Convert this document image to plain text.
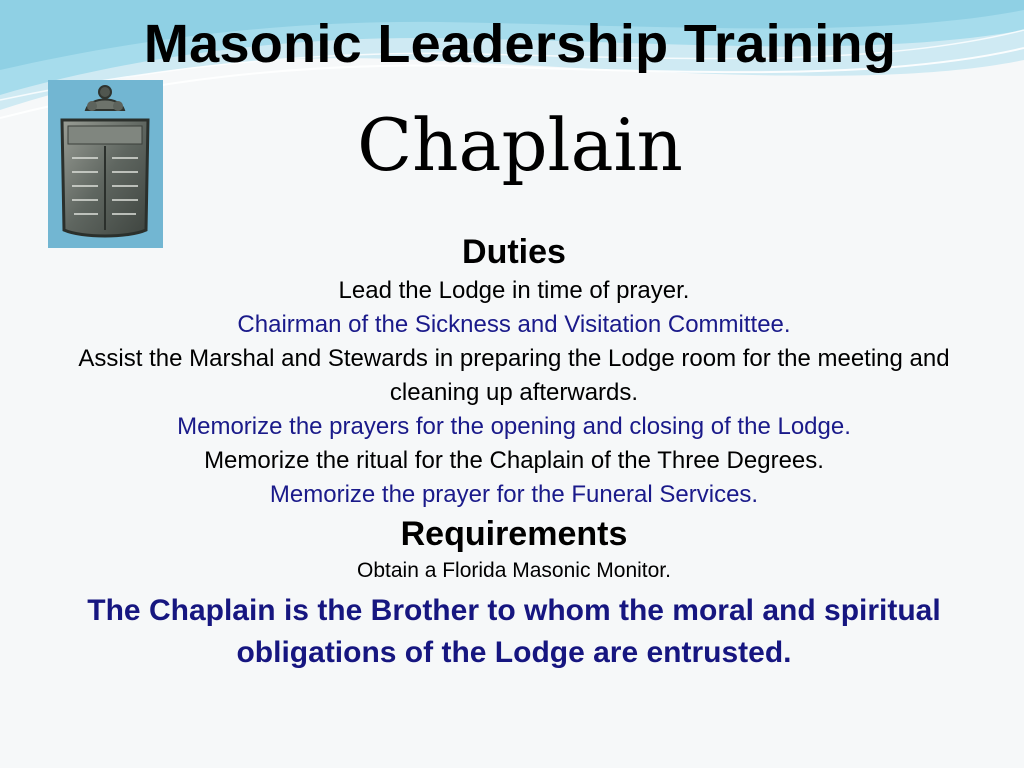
Masonic Leadership Training
Chaplain
Duties
Lead the Lodge in time of prayer.
Chairman of the Sickness and Visitation Committee.
Assist the Marshal and Stewards in preparing the Lodge room for the meeting and cleaning up afterwards.
Memorize the prayers for the opening and closing of the Lodge.
Memorize the ritual for the Chaplain of the Three Degrees.
Memorize the prayer for the Funeral Services.
Requirements
Obtain a Florida Masonic Monitor.
The Chaplain is the Brother to whom the moral and spiritual obligations of the Lodge are entrusted.
